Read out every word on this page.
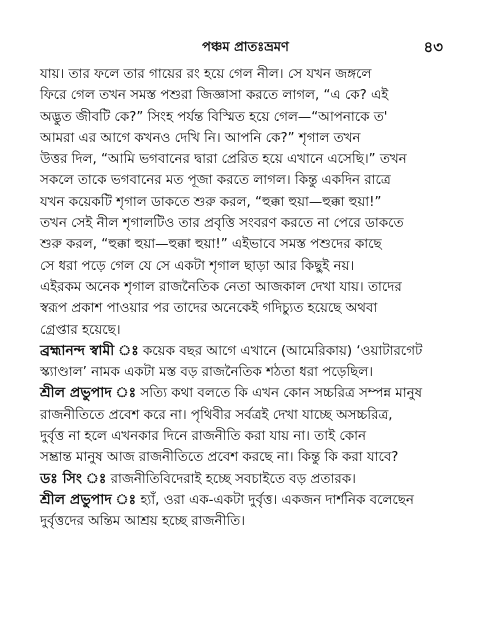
পঞ্চম প্রাতঃভ্রমণ	৪৩
যায়। তার ফলে তার গায়ের রং হয়ে গেল নীল। সে যখন জঙ্গলে
ফিরে গেল তখন সমস্ত পশুরা জিজ্ঞাসা করতে লাগল, “এ কে? এই
অদ্ভুত জীবটি কে?” সিংহ পর্যন্ত বিস্মিত হয়ে গেল—“আপনাকে ত'
আমরা এর আগে কখনও দেখি নি। আপনি কে?” শৃগাল তখন
উত্তর দিল, “আমি ভগবানের দ্বারা প্রেরিত হয়ে এখানে এসেছি।” তখন
সকলে তাকে ভগবানের মত পূজা করতে লাগল। কিন্তু একদিন রাত্রে
যখন কয়েকটি শৃগাল ডাকতে শুরু করল, “হুক্কা হুয়া—হুক্কা হুয়া!”
তখন সেই নীল শৃগালটিও তার প্রবৃত্তি সংবরণ করতে না পেরে ডাকতে
শুরু করল, “হুক্কা হুয়া—হুক্কা হুয়া!” এইভাবে সমস্ত পশুদের কাছে
সে ধরা পড়ে গেল যে সে একটা শৃগাল ছাড়া আর কিছুই নয়।
এইরকম অনেক শৃগাল রাজনৈতিক নেতা আজকাল দেখা যায়। তাদের
স্বরূপ প্রকাশ পাওয়ার পর তাদের অনেকেই গদিচ্যুত হয়েছে অথবা
গ্রেপ্তার হয়েছে।
ব্রহ্মানন্দ স্বামী ঃ কয়েক বছর আগে এখানে (আমেরিকায়) ‘ওয়াটারগেট
স্ক্যাণ্ডাল’ নামক একটা মস্ত বড় রাজনৈতিক শঠতা ধরা পড়েছিল।
শ্রীল প্রভুপাদ ঃ সত্যি কথা বলতে কি এখন কোন সচ্চরিত্র সম্পন্ন মানুষ
রাজনীতিতে প্রবেশ করে না। পৃথিবীর সর্বত্রই দেখা যাচ্ছে অসচ্চরিত্র,
দুর্বৃত্ত না হলে এখনকার দিনে রাজনীতি করা যায় না। তাই কোন
সম্ভ্রান্ত মানুষ আজ রাজনীতিতে প্রবেশ করছে না। কিন্তু কি করা যাবে?
ডঃ সিং ঃ রাজনীতিবিদেরাই হচ্ছে সবচাইতে বড় প্রতারক।
শ্রীল প্রভুপাদ ঃ হ্যাঁ, ওরা এক-একটা দুর্বৃত্ত। একজন দার্শনিক বলেছেন
দুর্বৃত্তদের অন্তিম আশ্রয় হচ্ছে রাজনীতি।
